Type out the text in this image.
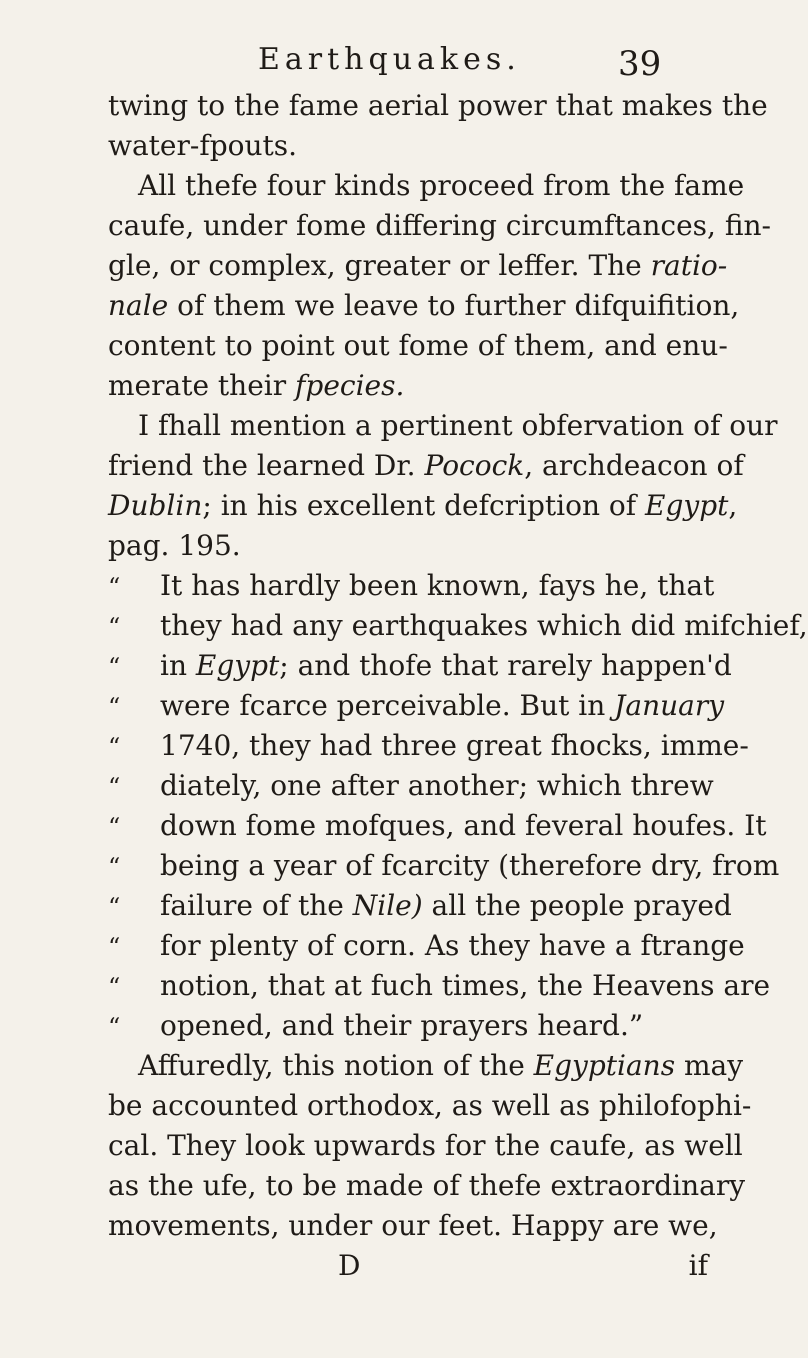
Earthquakes.	39
twing to the fame aerial power that makes the
water-fpouts.
All thefe four kinds proceed from the fame
caufe, under fome differing circumftances, fin-
gle, or complex, greater or leffer. The ratio-
nale of them we leave to further difquifition,
content to point out fome of them, and enu-
merate their fpecies.
I fhall mention a pertinent obfervation of our
friend the learned Dr. Pocock, archdeacon of
Dublin; in his excellent defcription of Egypt,
pag. 195.
“ It has hardly been known, fays he, that
“ they had any earthquakes which did mifchief,
“ in Egypt; and thofe that rarely happen'd
“ were fcarce perceivable. But in January
“ 1740, they had three great fhocks, imme-
“ diately, one after another; which threw
“ down fome mofques, and feveral houfes. It
“ being a year of fcarcity (therefore dry, from
“ failure of the Nile) all the people prayed
“ for plenty of corn. As they have a ftrange
“ notion, that at fuch times, the Heavens are
“ opened, and their prayers heard.”
Affuredly, this notion of the Egyptians may
be accounted orthodox, as well as philofophi-
cal. They look upwards for the caufe, as well
as the ufe, to be made of thefe extraordinary
movements, under our feet. Happy are we,
D	if
